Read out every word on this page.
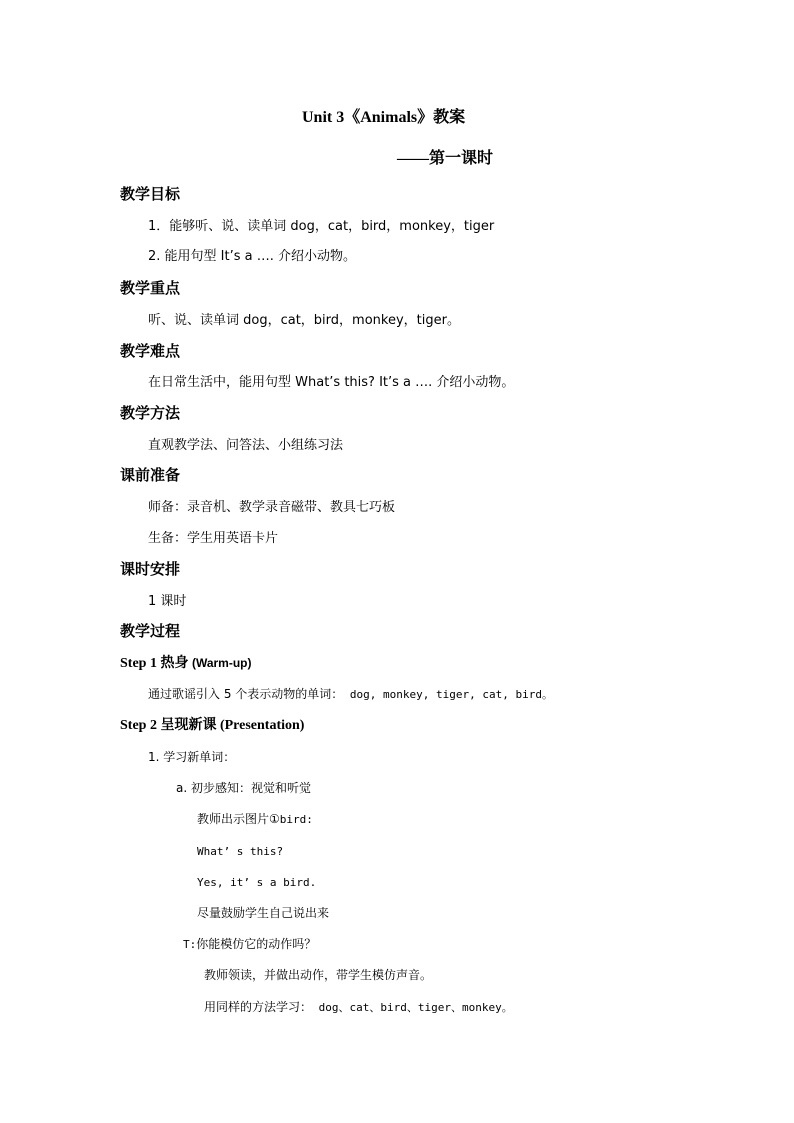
Unit 3《Animals》教案
——第一课时
教学目标
1．能够听、说、读单词 dog，cat，bird，monkey，tiger
2. 能用句型 It’s a …. 介绍小动物。
教学重点
听、说、读单词 dog，cat，bird，monkey，tiger。
教学难点
在日常生活中，能用句型 What’s this? It’s a …. 介绍小动物。
教学方法
直观教学法、问答法、小组练习法
课前准备
师备：录音机、教学录音磁带、教具七巧板
生备：学生用英语卡片
课时安排
1 课时
教学过程
Step 1 热身 (Warm-up)
通过歌谣引入 5 个表示动物的单词： dog, monkey, tiger, cat, bird。
Step 2 呈现新课 (Presentation)
1. 学习新单词：
a. 初步感知：视觉和听觉
教师出示图片①bird:
What’ s this?
Yes, it’ s a bird.
尽量鼓励学生自己说出来
T:你能模仿它的动作吗？
教师领读，并做出动作，带学生模仿声音。
用同样的方法学习： dog、cat、bird、tiger、monkey。
